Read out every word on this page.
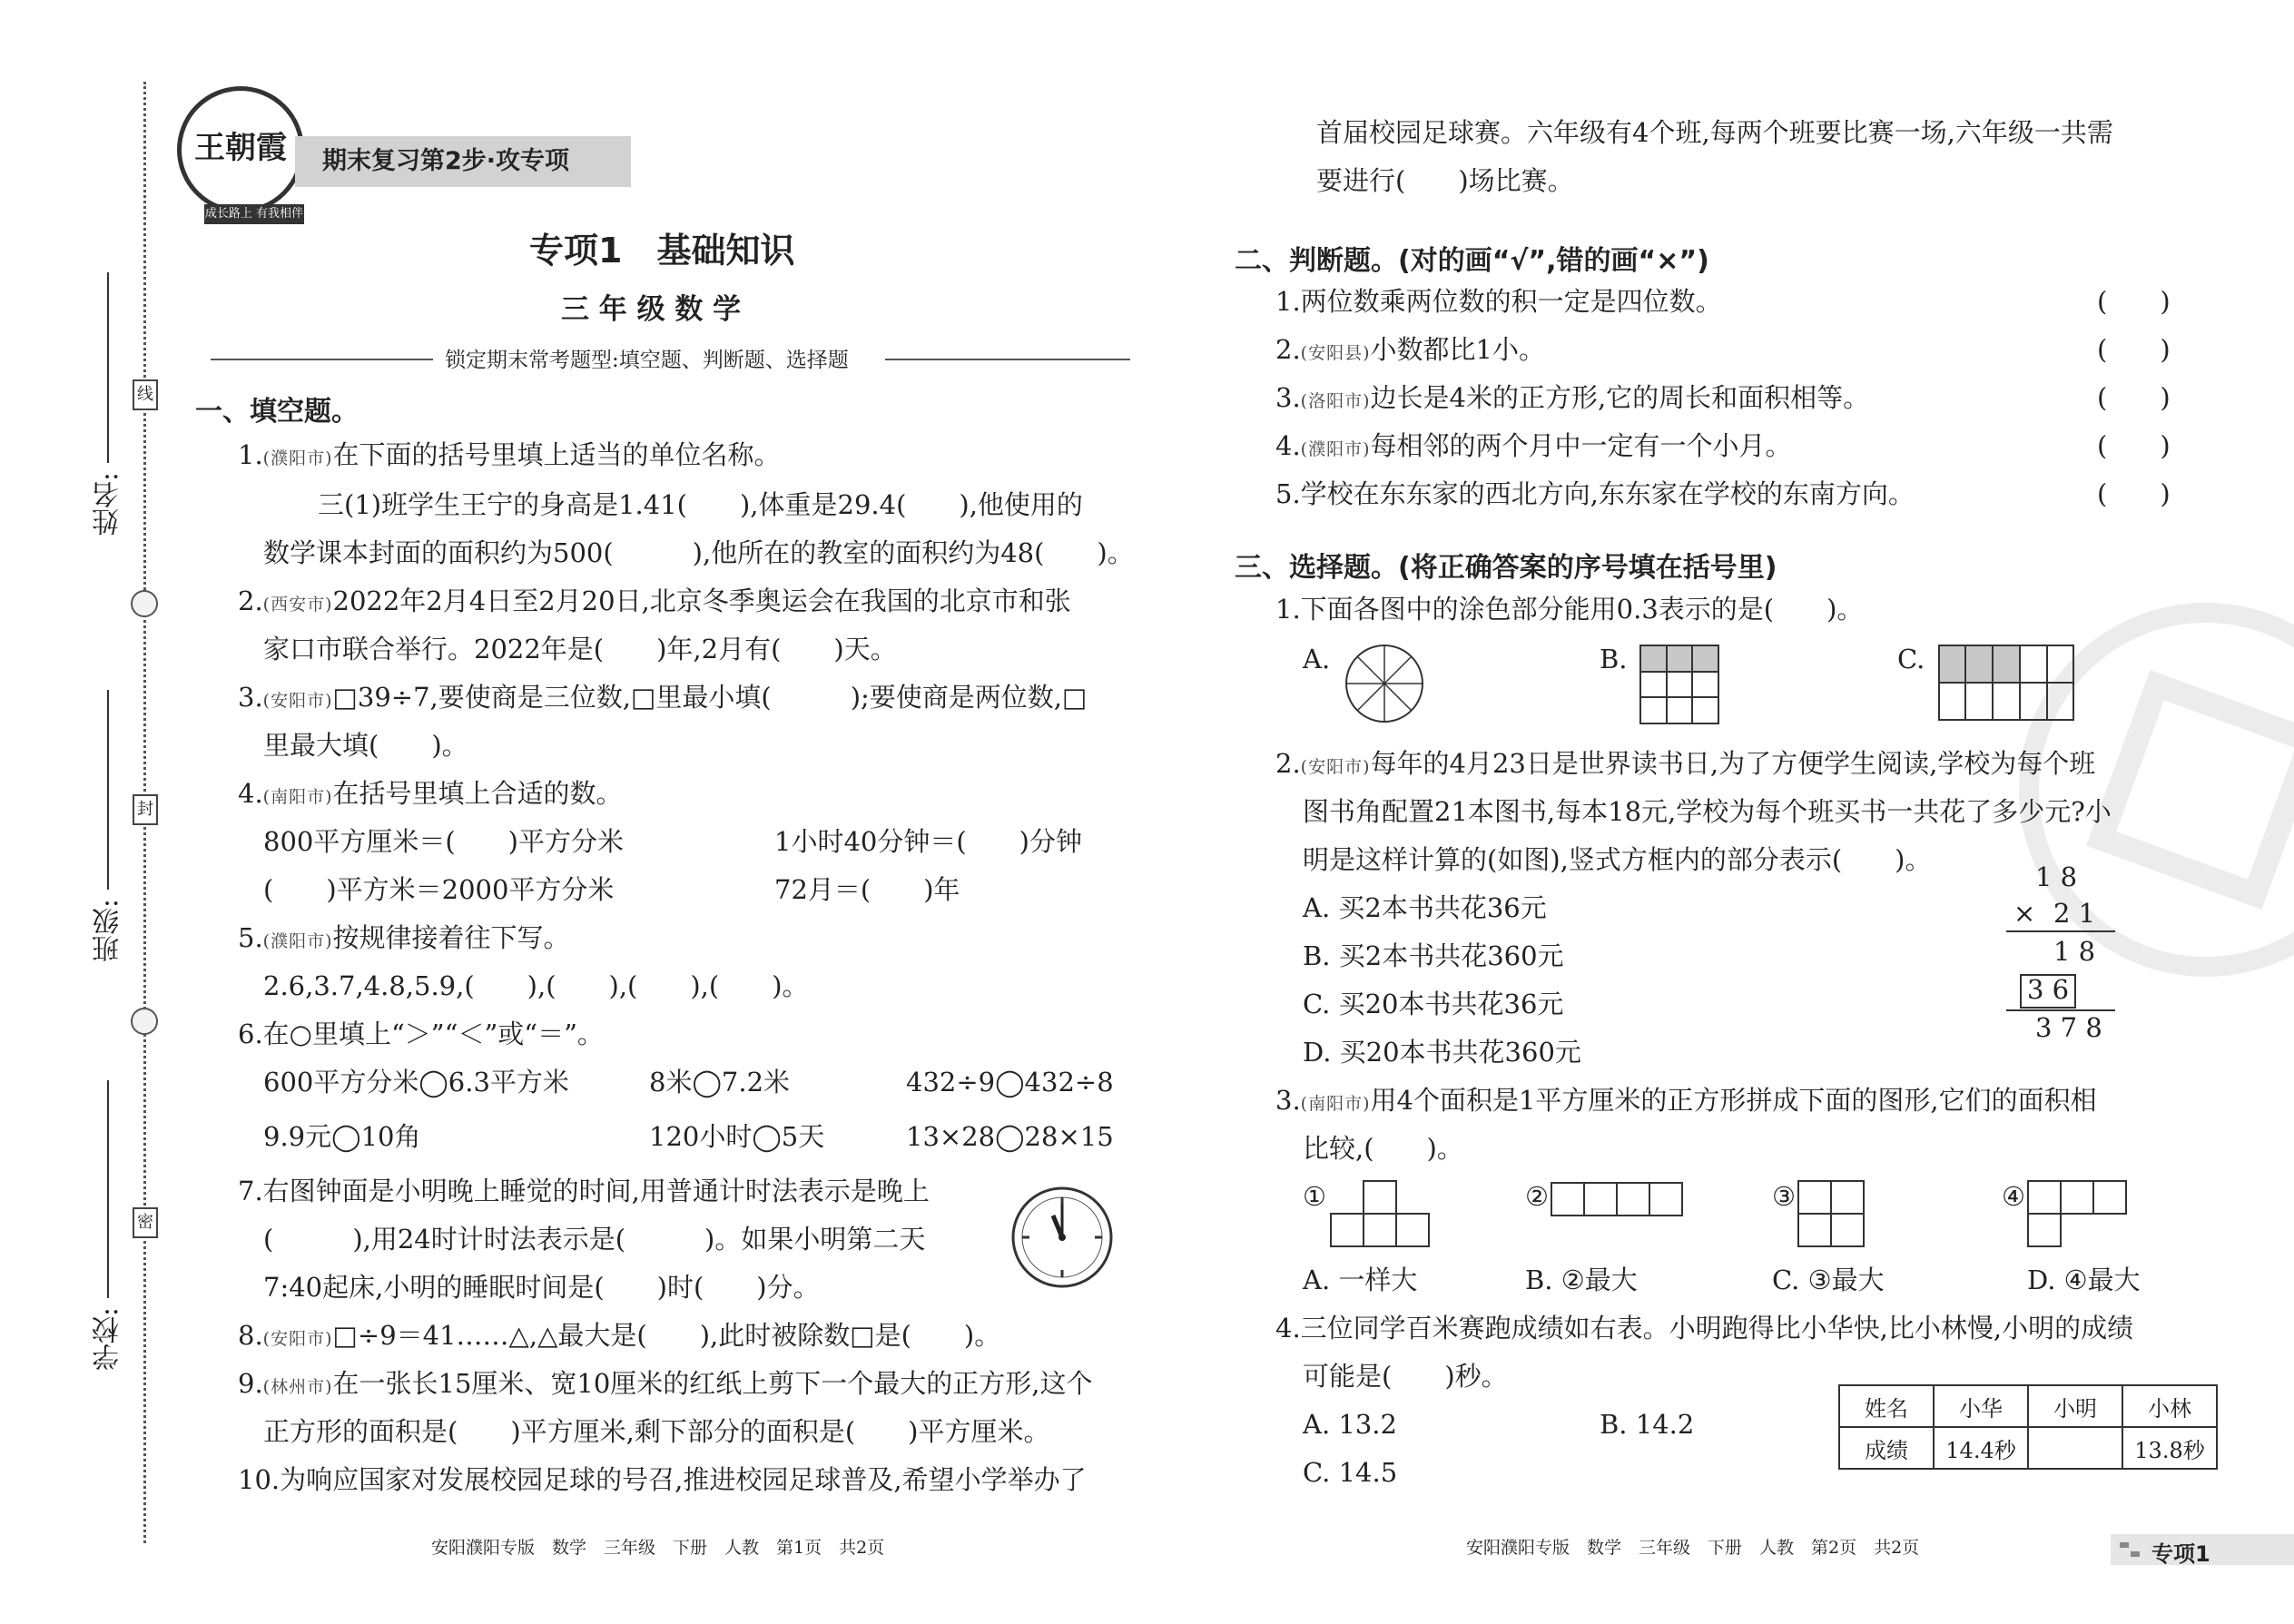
姓名:
班级:
学校:
线
封
密
王朝霞
成长路上 有我相伴
期末复习第2步·攻专项
专项1　基础知识
三 年 级 数 学
锁定期末常考题型:填空题、判断题、选择题
一、填空题。
1.(濮阳市)在下面的括号里填上适当的单位名称。
三(1)班学生王宁的身高是1.41(　　),体重是29.4(　　),他使用的
数学课本封面的面积约为500(　　　),他所在的教室的面积约为48(　　)。
2.(西安市)2022年2月4日至2月20日,北京冬季奥运会在我国的北京市和张
家口市联合举行。2022年是(　　)年,2月有(　　)天。
3.(安阳市)□39÷7,要使商是三位数,□里最小填(　　　);要使商是两位数,□
里最大填(　　)。
4.(南阳市)在括号里填上合适的数。
800平方厘米＝(　　)平方分米	1小时40分钟＝(　　)分钟
(　　)平方米＝2000平方分米	72月＝(　　)年
5.(濮阳市)按规律接着往下写。
2.6,3.7,4.8,5.9,(　　),(　　),(　　),(　　)。
6.在○里填上“＞”“＜”或“＝”。
600平方分米◯6.3平方米	8米◯7.2米	432÷9◯432÷8
9.9元◯10角	120小时◯5天	13×28◯28×15
7.右图钟面是小明晚上睡觉的时间,用普通计时法表示是晚上
(　　　),用24时计时法表示是(　　　)。如果小明第二天
7:40起床,小明的睡眠时间是(　　)时(　　)分。
8.(安阳市)□÷9＝41……△,△最大是(　　),此时被除数□是(　　)。
9.(林州市)在一张长15厘米、宽10厘米的红纸上剪下一个最大的正方形,这个
正方形的面积是(　　)平方厘米,剩下部分的面积是(　　)平方厘米。
10.为响应国家对发展校园足球的号召,推进校园足球普及,希望小学举办了
安阳濮阳专版　数学　三年级　下册　人教　第1页　共2页
首届校园足球赛。六年级有4个班,每两个班要比赛一场,六年级一共需
要进行(　　)场比赛。
二、判断题。(对的画“√”,错的画“×”)
1.两位数乘两位数的积一定是四位数。	(　　)
2.(安阳县)小数都比1小。	(　　)
3.(洛阳市)边长是4米的正方形,它的周长和面积相等。	(　　)
4.(濮阳市)每相邻的两个月中一定有一个小月。	(　　)
5.学校在东东家的西北方向,东东家在学校的东南方向。	(　　)
三、选择题。(将正确答案的序号填在括号里)
1.下面各图中的涂色部分能用0.3表示的是(　　)。
A.	B.	C.
2.(安阳市)每年的4月23日是世界读书日,为了方便学生阅读,学校为每个班
图书角配置21本图书,每本18元,学校为每个班买书一共花了多少元?小
明是这样计算的(如图),竖式方框内的部分表示(　　)。
A. 买2本书共花36元
B. 买2本书共花360元
C. 买20本书共花36元
D. 买20本书共花360元
1 8
× 2 1
1 8
3 6
3 7 8
3.(南阳市)用4个面积是1平方厘米的正方形拼成下面的图形,它们的面积相
比较,(　　)。
①	②	③	④
A. 一样大	B. ②最大	C. ③最大	D. ④最大
4.三位同学百米赛跑成绩如右表。小明跑得比小华快,比小林慢,小明的成绩
可能是(　　)秒。
A. 13.2	B. 14.2
C. 14.5
姓名	小华	小明	小林
成绩	14.4秒		13.8秒
安阳濮阳专版　数学　三年级　下册　人教　第2页　共2页	专项1
